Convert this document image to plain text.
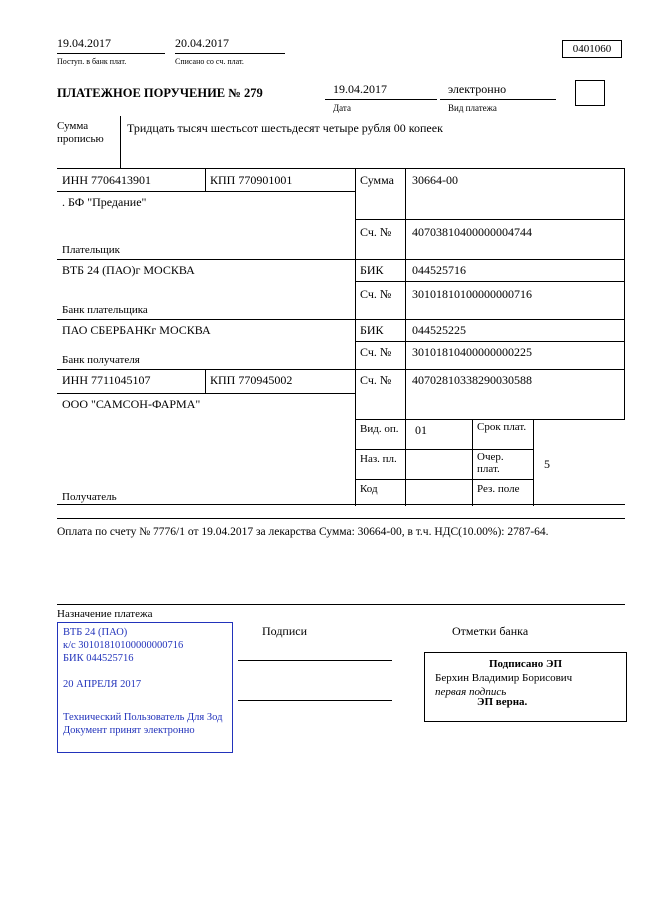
19.04.2017
Поступ. в банк плат.
20.04.2017
Списано со сч. плат.
0401060
ПЛАТЕЖНОЕ ПОРУЧЕНИЕ № 279	19.04.2017
Дата
электронно
Вид платежа
Сумма прописью
Тридцать тысяч шестьсот шестьдесят четыре рубля 00 копеек
ИНН 7706413901	КПП 770901001	Сумма 30664-00
. БФ "Предание"
Плательщик
Сч. № 40703810400000004744
ВТБ 24 (ПАО)г МОСКВА
Банк плательщика
БИК 044525716
Сч. № 30101810100000000716
ПАО СБЕРБАНКг МОСКВА
Банк получателя
БИК 044525225
Сч. № 30101810400000000225
ИНН 7711045107	КПП 770945002	Сч. № 40702810338290030588
ООО "САМСОН-ФАРМА"
Получатель
Вид. оп. 01	Срок плат.
Наз. пл.	Очер. плат.	5
Код	Рез. поле
Оплата по счету № 7776/1 от 19.04.2017 за лекарства Сумма: 30664-00, в т.ч. НДС(10.00%): 2787-64.
Назначение платежа
ВТБ 24 (ПАО)
к/с 30101810100000000716
БИК 044525716
20 АПРЕЛЯ 2017
Технический Пользователь Для Зод
Документ принят электронно
Подписи	Отметки банка
Подписано ЭП
Берхин Владимир Борисович
первая подпись
ЭП верна.
